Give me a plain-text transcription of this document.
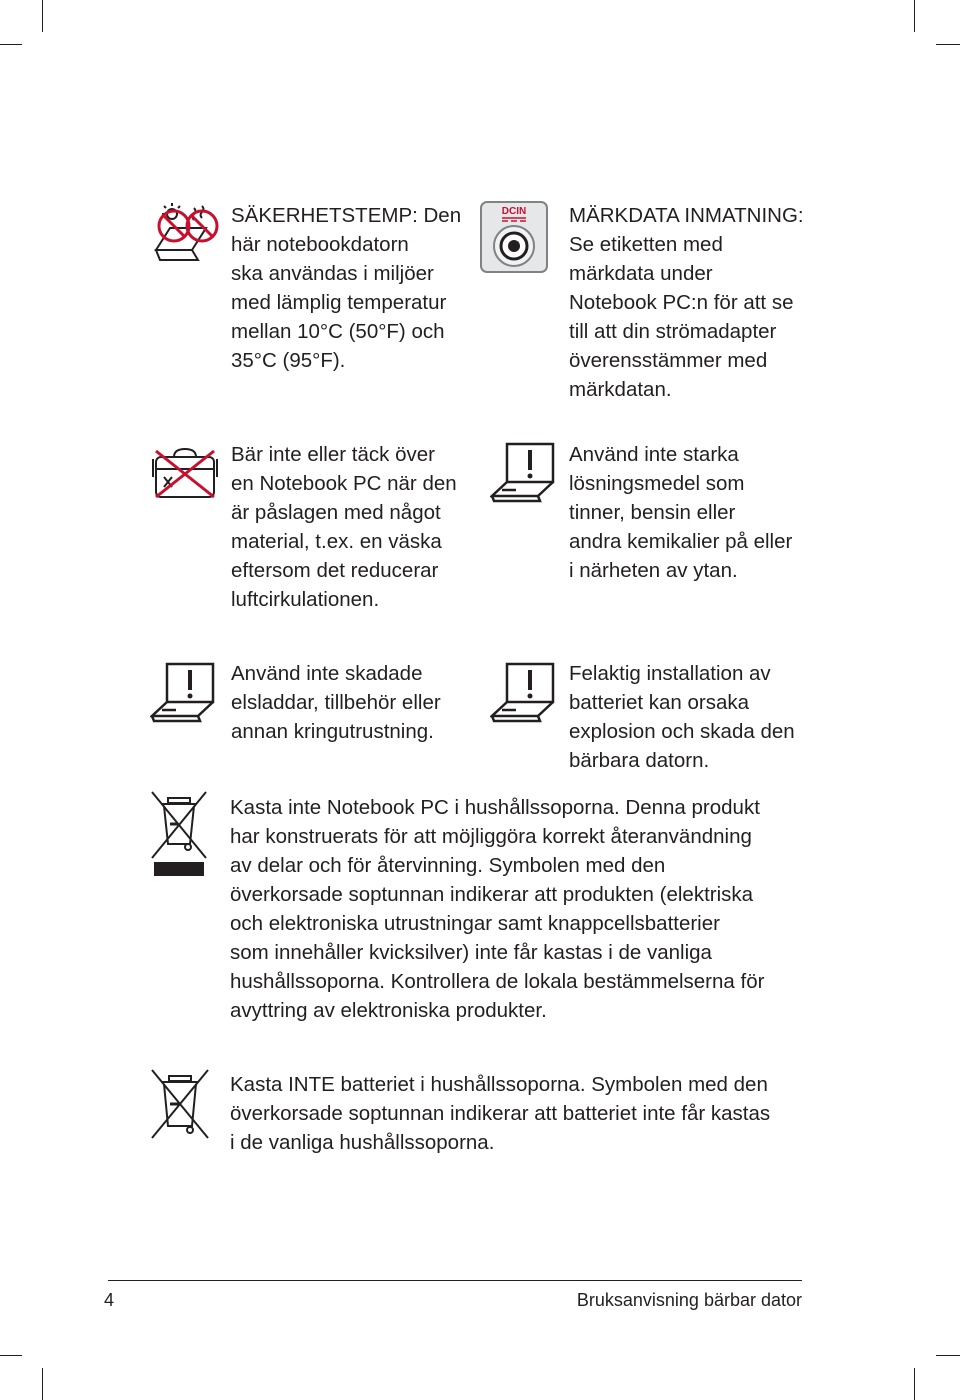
SÄKERHETSTEMP: Den
här notebookdatorn
ska användas i miljöer
med lämplig temperatur
mellan 10°C (50°F) och
35°C (95°F).
DCIN MÄRKDATA INMATNING:
Se etiketten med
märkdata under
Notebook PC:n för att se
till att din strömadapter
överensstämmer med
märkdatan.
Bär inte eller täck över
en Notebook PC när den
är påslagen med något
material, t.ex. en väska
eftersom det reducerar
luftcirkulationen.
Använd inte starka
lösningsmedel som
tinner, bensin eller
andra kemikalier på eller
i närheten av ytan.
Använd inte skadade
elsladdar, tillbehör eller
annan kringutrustning.
Felaktig installation av
batteriet kan orsaka
explosion och skada den
bärbara datorn.
Kasta inte Notebook PC i hushållssoporna. Denna produkt
har konstruerats för att möjliggöra korrekt återanvändning
av delar och för återvinning. Symbolen med den
överkorsade soptunnan indikerar att produkten (elektriska
och elektroniska utrustningar samt knappcellsbatterier
som innehåller kvicksilver) inte får kastas i de vanliga
hushållssoporna. Kontrollera de lokala bestämmelserna för
avyttring av elektroniska produkter.
Kasta INTE batteriet i hushållssoporna. Symbolen med den
överkorsade soptunnan indikerar att batteriet inte får kastas
i de vanliga hushållssoporna.
4	Bruksanvisning bärbar dator
